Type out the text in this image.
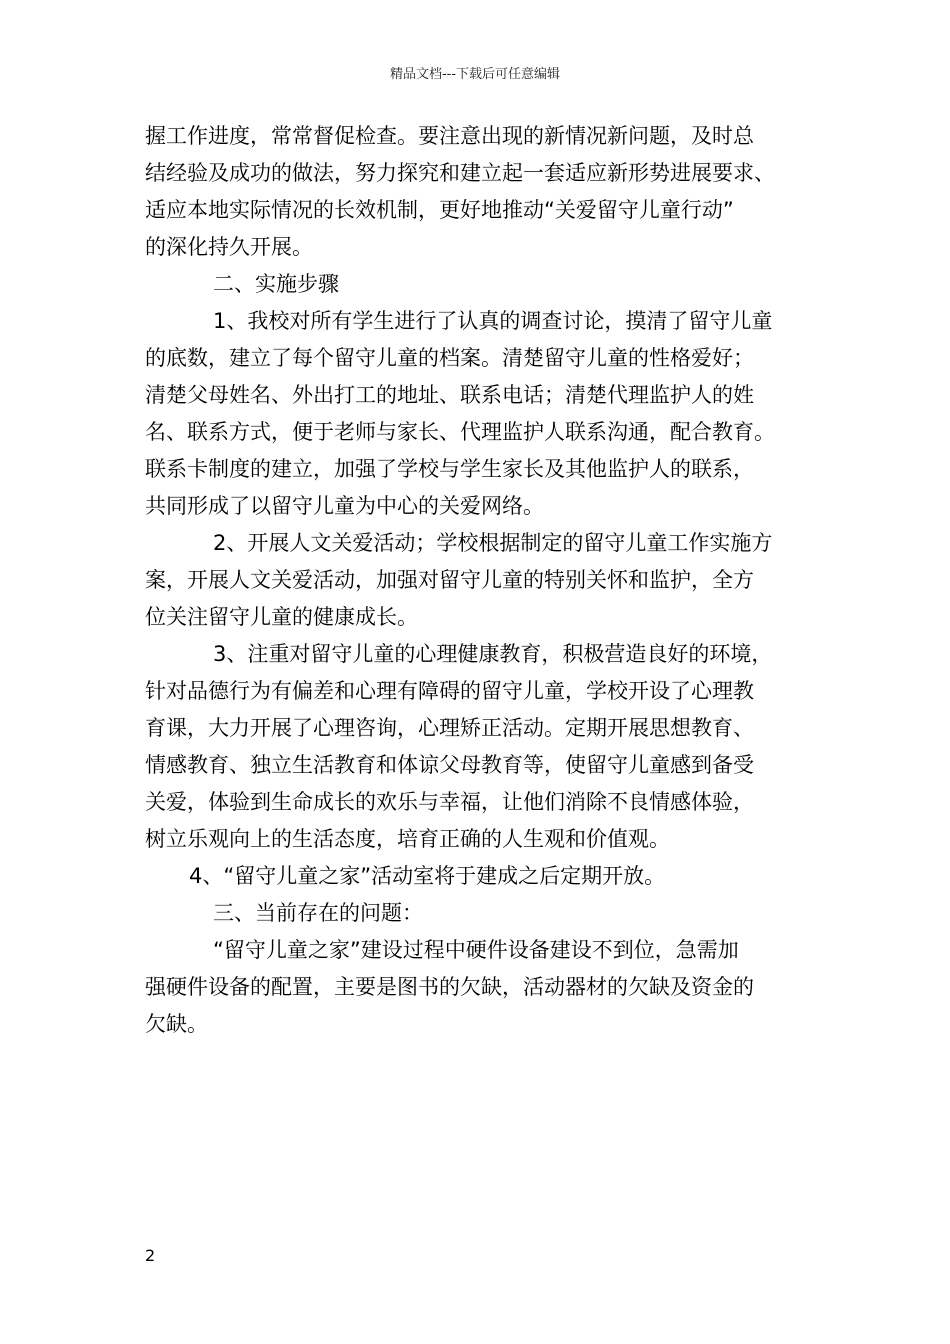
精品文档---下载后可任意编辑
握工作进度，常常督促检查。要注意出现的新情况新问题，及时总
结经验及成功的做法，努力探究和建立起一套适应新形势进展要求、
适应本地实际情况的长效机制，更好地推动“关爱留守儿童行动”
的深化持久开展。
二、实施步骤
1、我校对所有学生进行了认真的调查讨论，摸清了留守儿童
的底数，建立了每个留守儿童的档案。清楚留守儿童的性格爱好；
清楚父母姓名、外出打工的地址、联系电话；清楚代理监护人的姓
名、联系方式，便于老师与家长、代理监护人联系沟通，配合教育。
联系卡制度的建立，加强了学校与学生家长及其他监护人的联系，
共同形成了以留守儿童为中心的关爱网络。
2、开展人文关爱活动；学校根据制定的留守儿童工作实施方
案，开展人文关爱活动，加强对留守儿童的特别关怀和监护，全方
位关注留守儿童的健康成长。
3、注重对留守儿童的心理健康教育，积极营造良好的环境，
针对品德行为有偏差和心理有障碍的留守儿童，学校开设了心理教
育课，大力开展了心理咨询，心理矫正活动。定期开展思想教育、
情感教育、独立生活教育和体谅父母教育等，使留守儿童感到备受
关爱，体验到生命成长的欢乐与幸福，让他们消除不良情感体验，
树立乐观向上的生活态度，培育正确的人生观和价值观。
4、“留守儿童之家”活动室将于建成之后定期开放。
三、当前存在的问题：
“留守儿童之家”建设过程中硬件设备建设不到位，急需加
强硬件设备的配置，主要是图书的欠缺，活动器材的欠缺及资金的
欠缺。
2
